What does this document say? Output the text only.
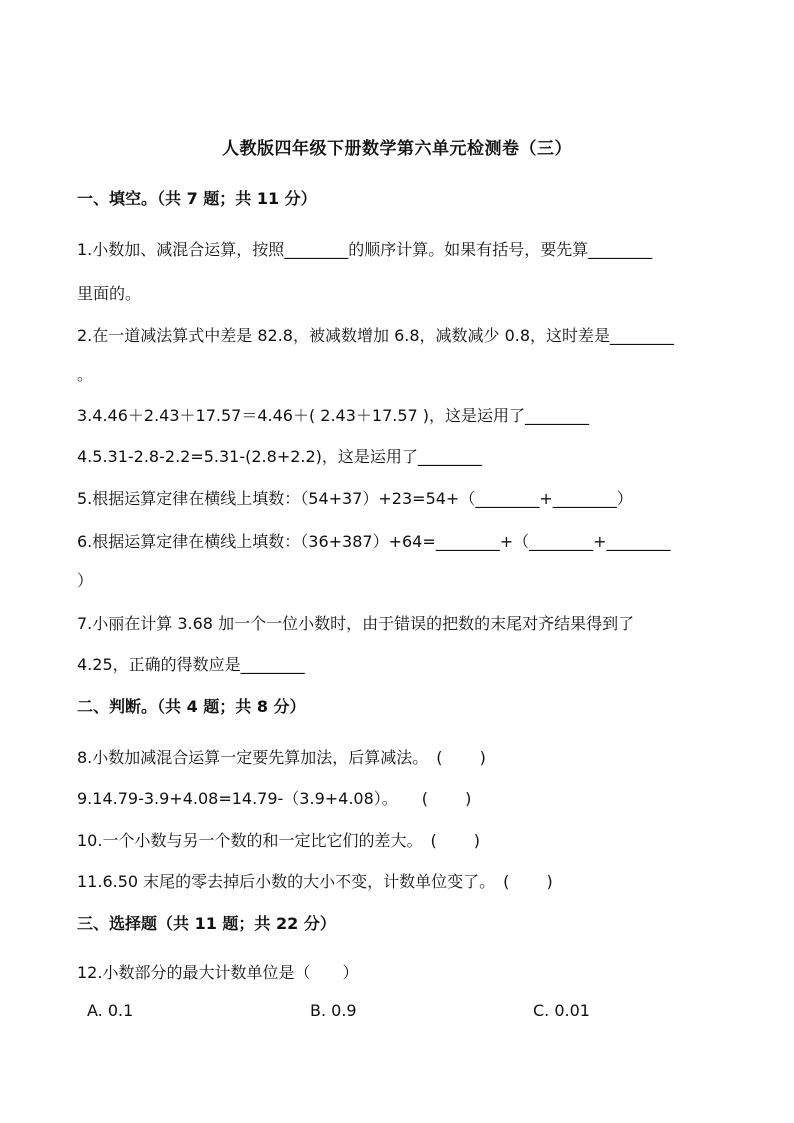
人教版四年级下册数学第六单元检测卷（三）
一、填空。（共 7 题；共 11 分）
1.小数加、减混合运算，按照________的顺序计算。如果有括号，要先算________
里面的。
2.在一道减法算式中差是 82.8，被减数增加 6.8，减数减少 0.8，这时差是________
。
3.4.46＋2.43＋17.57＝4.46＋( 2.43＋17.57 )，这是运用了________
4.5.31-2.8-2.2=5.31-(2.8+2.2)，这是运用了________
5.根据运算定律在横线上填数：（54+37）+23=54+（________+________）
6.根据运算定律在横线上填数：（36+387）+64=________+（________+________
）
7.小丽在计算 3.68 加一个一位小数时，由于错误的把数的末尾对齐结果得到了
4.25，正确的得数应是________
二、判断。（共 4 题；共 8 分）
8.小数加减混合运算一定要先算加法，后算减法。　(　　 )
9.14.79-3.9+4.08=14.79-（3.9+4.08）。　　(　　 )
10.一个小数与另一个数的和一定比它们的差大。　(　　 )
11.6.50 末尾的零去掉后小数的大小不变，计数单位变了。　(　　 )
三、选择题（共 11 题；共 22 分）
12.小数部分的最大计数单位是（　　）
A. 0.1	B. 0.9	C. 0.01
